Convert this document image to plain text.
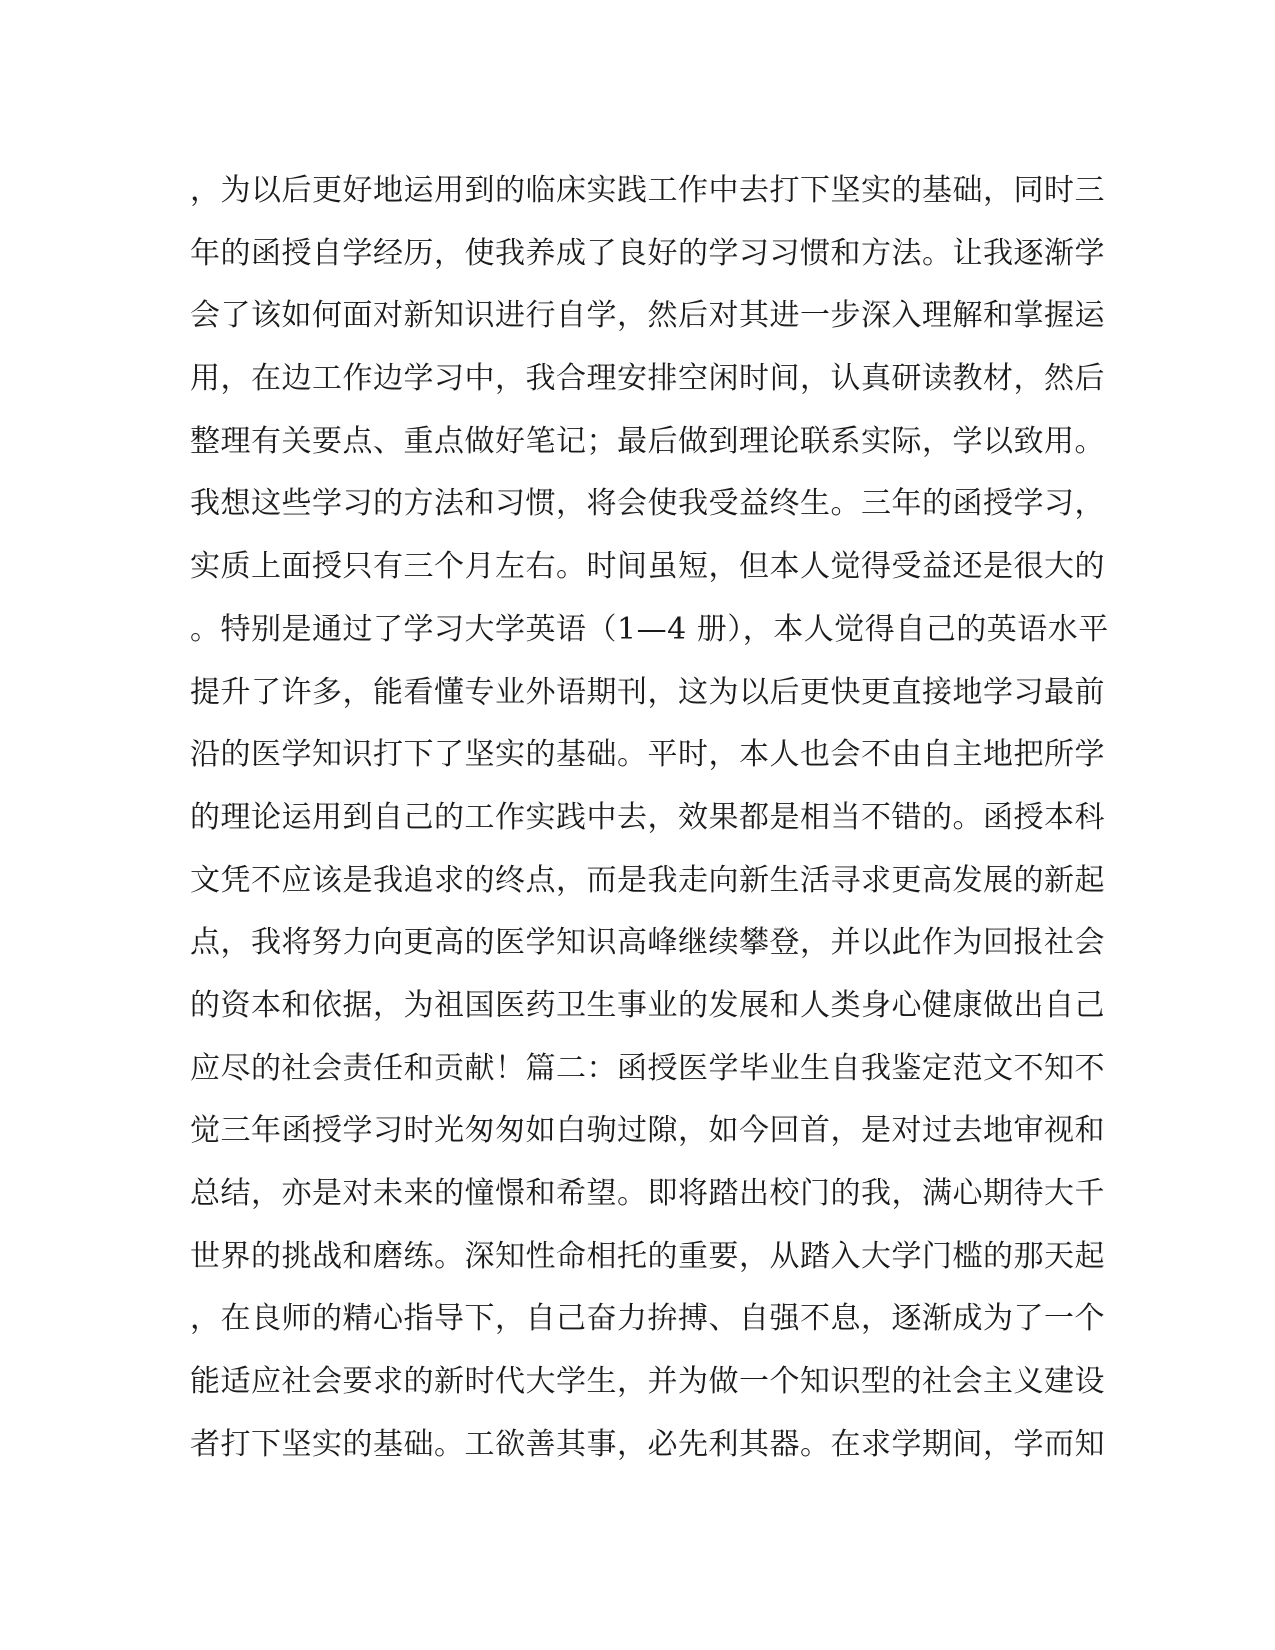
，为以后更好地运用到的临床实践工作中去打下坚实的基础，同时三
年的函授自学经历，使我养成了良好的学习习惯和方法。让我逐渐学
会了该如何面对新知识进行自学，然后对其进一步深入理解和掌握运
用，在边工作边学习中，我合理安排空闲时间，认真研读教材，然后
整理有关要点、重点做好笔记；最后做到理论联系实际，学以致用。
我想这些学习的方法和习惯，将会使我受益终生。三年的函授学习，
实质上面授只有三个月左右。时间虽短，但本人觉得受益还是很大的
。特别是通过了学习大学英语（1—4 册），本人觉得自己的英语水平
提升了许多，能看懂专业外语期刊，这为以后更快更直接地学习最前
沿的医学知识打下了坚实的基础。平时，本人也会不由自主地把所学
的理论运用到自己的工作实践中去，效果都是相当不错的。函授本科
文凭不应该是我追求的终点，而是我走向新生活寻求更高发展的新起
点，我将努力向更高的医学知识高峰继续攀登，并以此作为回报社会
的资本和依据，为祖国医药卫生事业的发展和人类身心健康做出自己
应尽的社会责任和贡献！篇二：函授医学毕业生自我鉴定范文不知不
觉三年函授学习时光匆匆如白驹过隙，如今回首，是对过去地审视和
总结，亦是对未来的憧憬和希望。即将踏出校门的我，满心期待大千
世界的挑战和磨练。深知性命相托的重要，从踏入大学门槛的那天起
，在良师的精心指导下，自己奋力拚搏、自强不息，逐渐成为了一个
能适应社会要求的新时代大学生，并为做一个知识型的社会主义建设
者打下坚实的基础。工欲善其事，必先利其器。在求学期间，学而知
